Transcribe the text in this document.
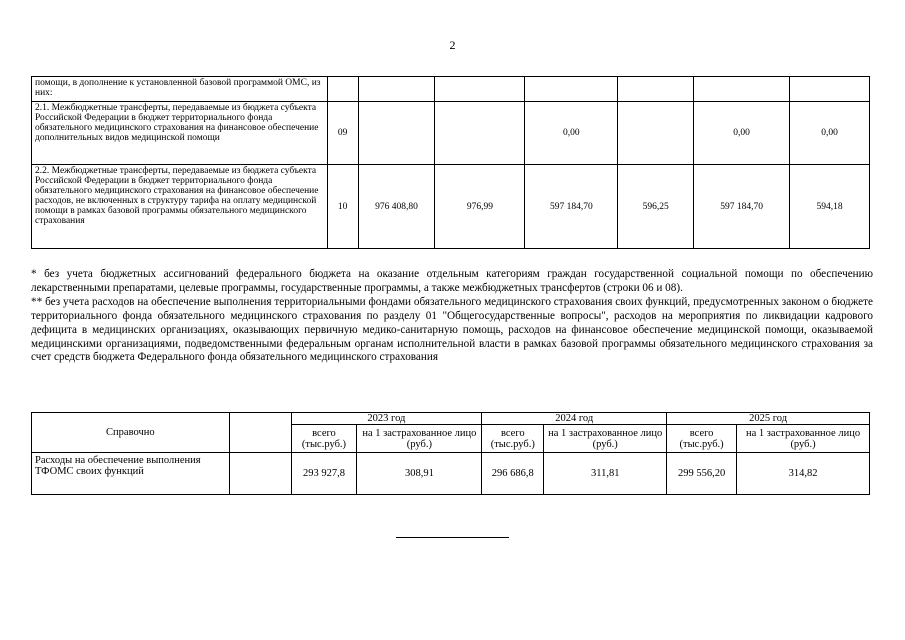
2
помощи, в дополнение к установленной базовой программой ОМС, из них:							
2.1. Межбюджетные трансферты, передаваемые из бюджета субъекта Российской Федерации в бюджет территориального фонда обязательного медицинского страхования на финансовое обеспечение дополнительных видов медицинской помощи	09			0,00		0,00	0,00
2.2. Межбюджетные трансферты, передаваемые из бюджета субъекта Российской Федерации в бюджет территориального фонда обязательного медицинского страхования на финансовое обеспечение расходов, не включенных в структуру тарифа на оплату медицинской помощи в рамках базовой программы обязательного медицинского страхования	10	976 408,80	976,99	597 184,70	596,25	597 184,70	594,18

* без учета бюджетных ассигнований федерального бюджета на оказание отдельным категориям граждан государственной социальной помощи по обеспечению лекарственными препаратами, целевые программы, государственные программы, а также межбюджетных трансфертов (строки 06 и 08).

** без учета расходов на обеспечение выполнения территориальными фондами обязательного медицинского страхования своих функций, предусмотренных законом о бюджете территориального фонда обязательного медицинского страхования по разделу 01 "Общегосударственные вопросы", расходов на мероприятия по ликвидации кадрового дефицита в медицинских организациях, оказывающих первичную медико-санитарную помощь, расходов на финансовое обеспечение медицинской помощи, оказываемой медицинскими организациями, подведомственными федеральным органам исполнительной власти в рамках базовой программы обязательного медицинского страхования за счет средств бюджета Федерального фонда обязательного медицинского страхования

Справочно		2023 год		2024 год		2025 год	
		всего (тыс.руб.)	на 1 застрахованное лицо (руб.)	всего (тыс.руб.)	на 1 застрахованное лицо (руб.)	всего (тыс.руб.)	на 1 застрахованное лицо (руб.)
Расходы на обеспечение выполнения ТФОМС своих функций		293 927,8	308,91	296 686,8	311,81	299 556,20	314,82
